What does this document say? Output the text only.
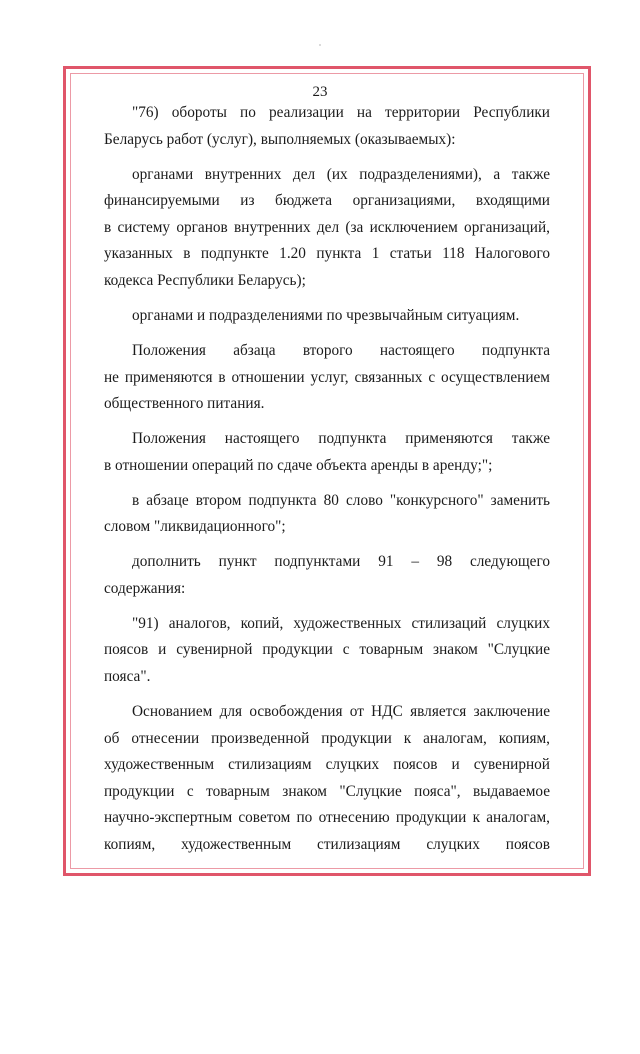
23
"76) обороты по реализации на территории Республики
Беларусь работ (услуг), выполняемых (оказываемых):
органами внутренних дел (их подразделениями), а также
финансируемыми из бюджета организациями, входящими
в систему органов внутренних дел (за исключением организаций,
указанных в подпункте 1.20 пункта 1 статьи 118 Налогового
кодекса Республики Беларусь);
органами и подразделениями по чрезвычайным ситуациям.
Положения абзаца второго настоящего подпункта
не применяются в отношении услуг, связанных с осуществлением
общественного питания.
Положения настоящего подпункта применяются также
в отношении операций по сдаче объекта аренды в аренду;";
в абзаце втором подпункта 80 слово "конкурсного" заменить
словом "ликвидационного";
дополнить пункт подпунктами 91 – 98 следующего
содержания:
"91) аналогов, копий, художественных стилизаций слуцких
поясов и сувенирной продукции с товарным знаком "Слуцкие
пояса".
Основанием для освобождения от НДС является заключение
об отнесении произведенной продукции к аналогам, копиям,
художественным стилизациям слуцких поясов и сувенирной
продукции с товарным знаком "Слуцкие пояса", выдаваемое
научно-экспертным советом по отнесению продукции к аналогам,
копиям, художественным стилизациям слуцких поясов
